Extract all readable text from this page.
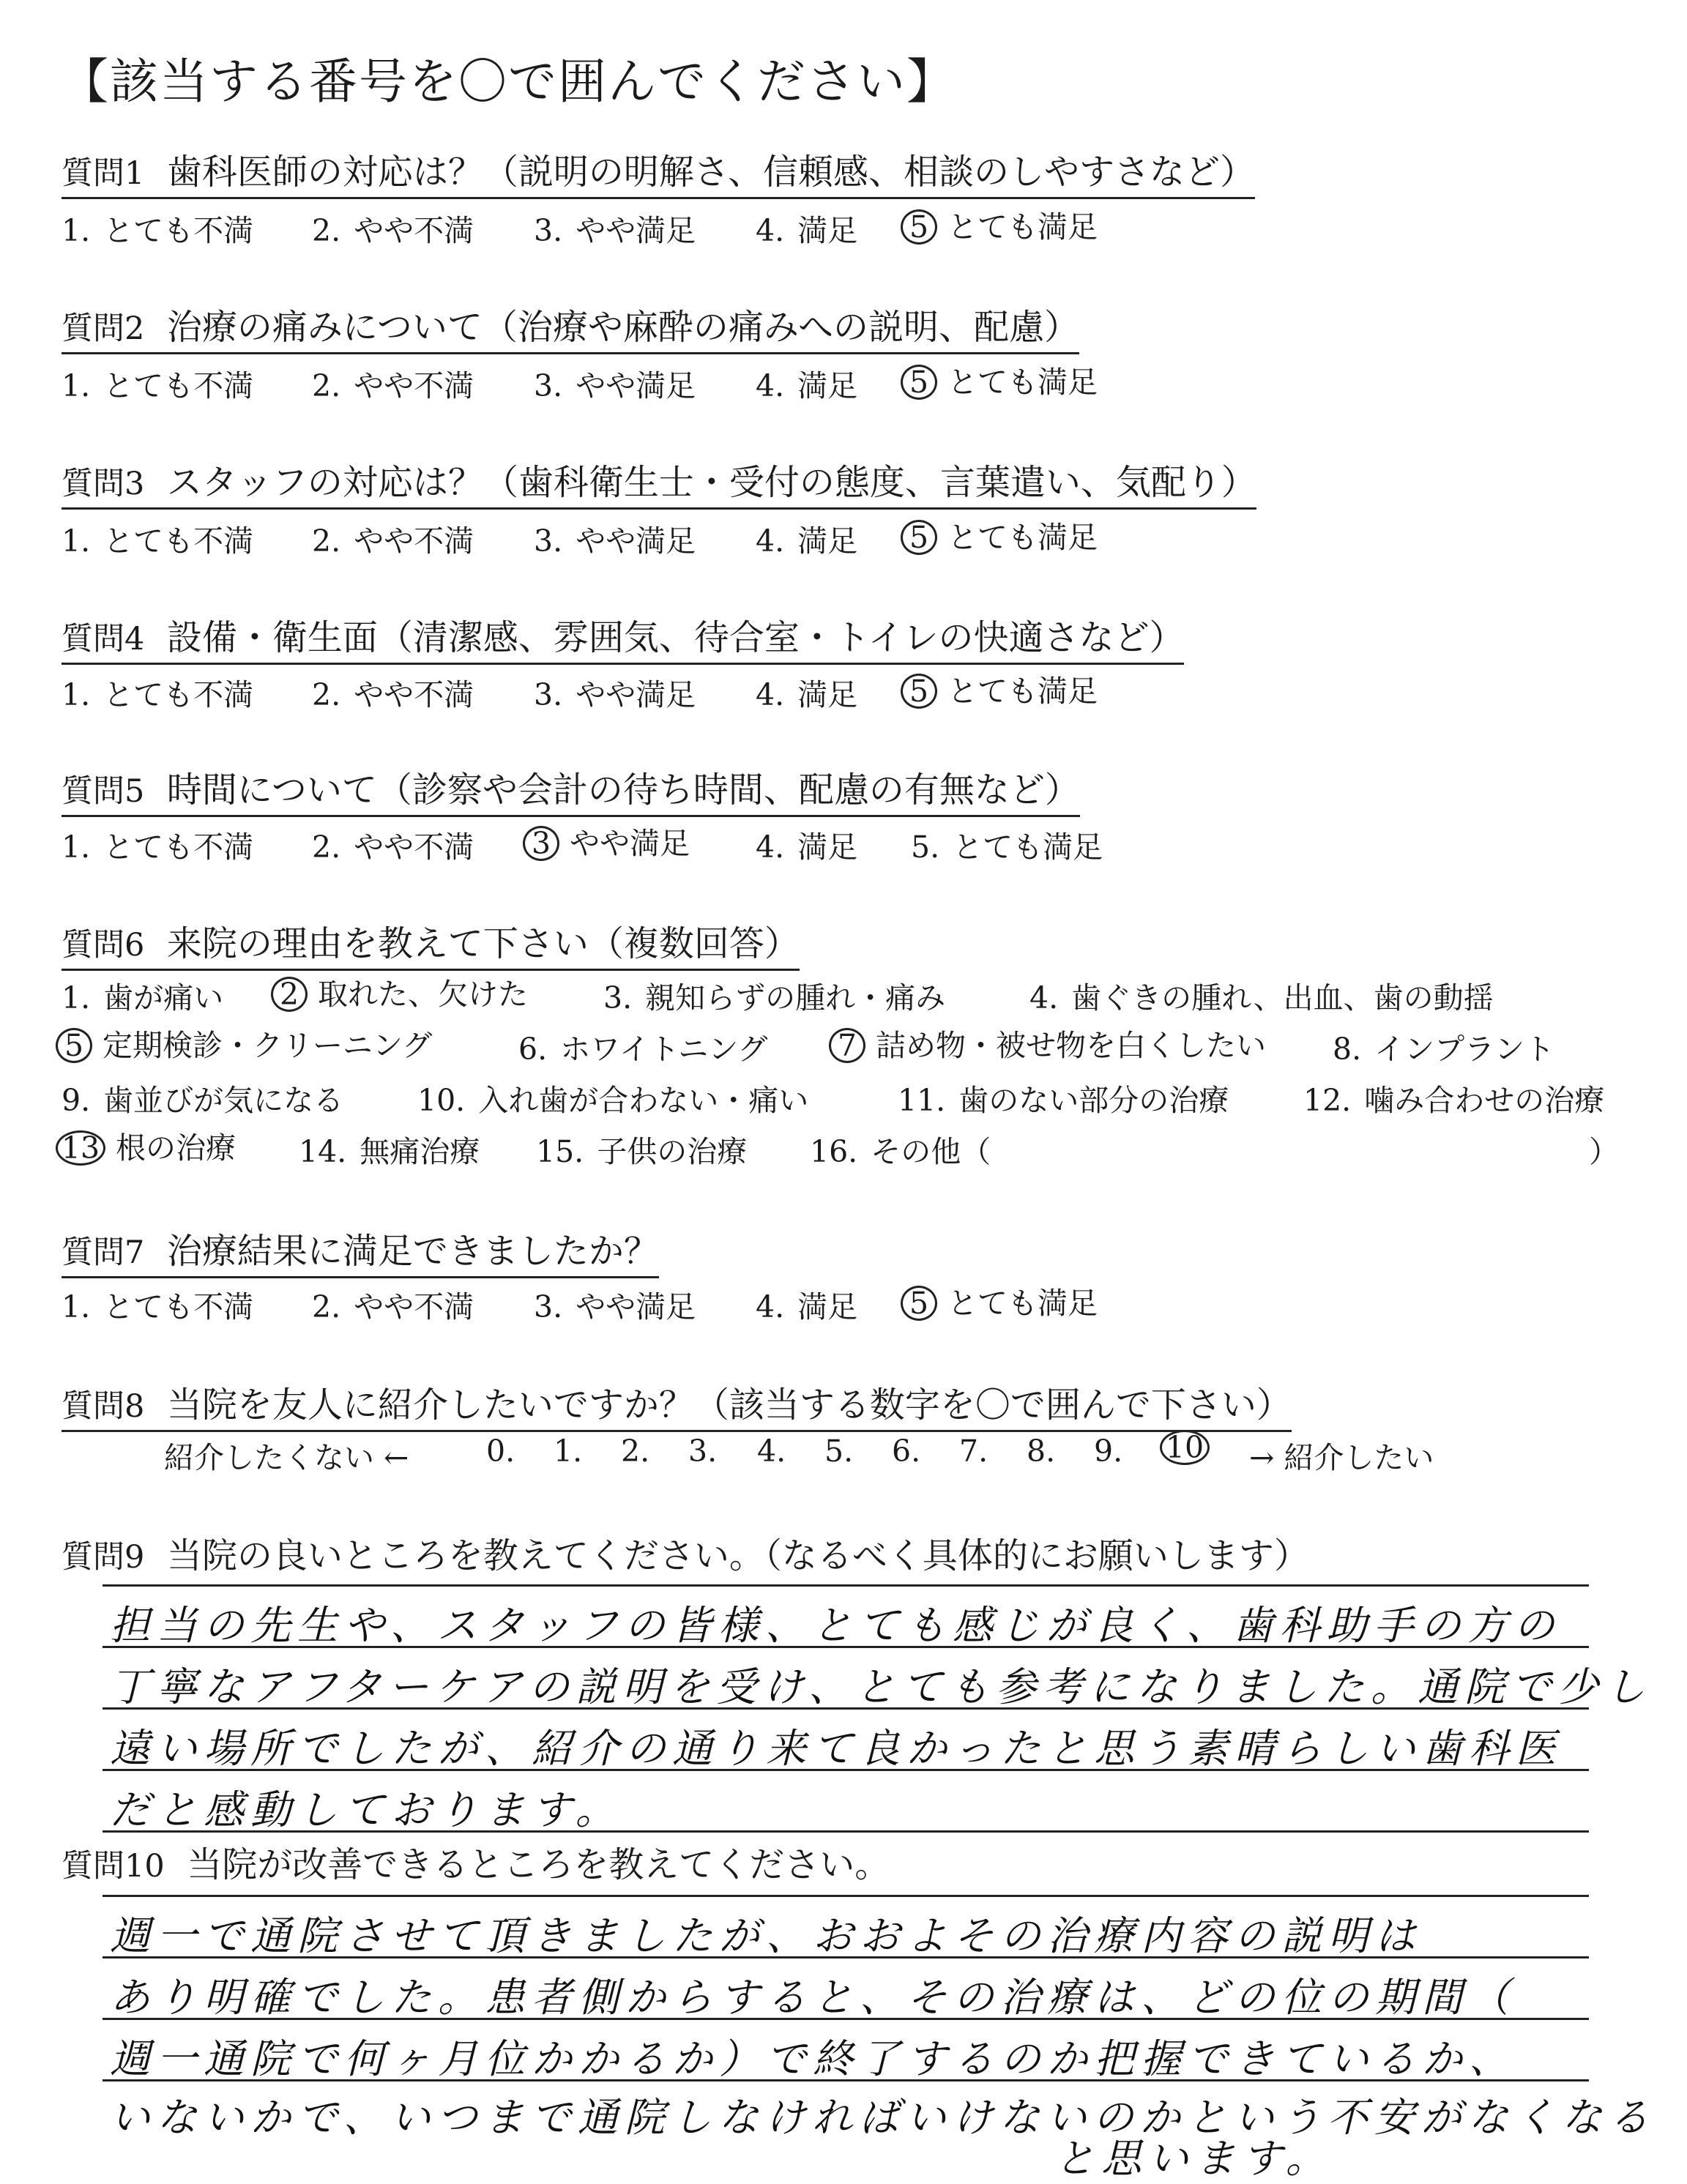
【該当する番号を〇で囲んでください】
質問1 歯科医師の対応は？（説明の明解さ、信頼感、相談のしやすさなど）
1. とても不満 2. やや不満 3. やや満足 4. 満足 5 とても満足
質問2 治療の痛みについて（治療や麻酔の痛みへの説明、配慮）
1. とても不満 2. やや不満 3. やや満足 4. 満足 5 とても満足
質問3 スタッフの対応は？（歯科衛生士・受付の態度、言葉遣い、気配り）
1. とても不満 2. やや不満 3. やや満足 4. 満足 5 とても満足
質問4 設備・衛生面（清潔感、雰囲気、待合室・トイレの快適さなど）
1. とても不満 2. やや不満 3. やや満足 4. 満足 5 とても満足
質問5 時間について（診察や会計の待ち時間、配慮の有無など）
1. とても不満 2. やや不満 3 やや満足 4. 満足 5. とても満足
質問6 来院の理由を教えて下さい（複数回答）
1. 歯が痛い 2 取れた、欠けた	3. 親知らずの腫れ・痛み	4. 歯ぐきの腫れ、出血、歯の動揺
5 定期検診・クリーニング	6. ホワイトニング 7 詰め物・被せ物を白くしたい 8. インプラント
9. 歯並びが気になる 10. 入れ歯が合わない・痛い	11. 歯のない部分の治療 12. 噛み合わせの治療
13 根の治療 14. 無痛治療 15. 子供の治療 16. その他（	）
質問7 治療結果に満足できましたか？
1. とても不満 2. やや不満 3. やや満足 4. 満足 5 とても満足
質問8 当院を友人に紹介したいですか？（該当する数字を〇で囲んで下さい）
紹介したくない ←	0. 1. 2. 3. 4. 5. 6. 7. 8. 9. 10	→ 紹介したい
質問9 当院の良いところを教えてください。（なるべく具体的にお願いします）
担当の先生や、スタッフの皆様、とても感じが良く、歯科助手の方の
丁寧なアフターケアの説明を受け、とても参考になりました。通院で少し
遠い場所でしたが、紹介の通り来て良かったと思う素晴らしい歯科医
だと感動しております。
質問10 当院が改善できるところを教えてください。
週一で通院させて頂きましたが、おおよその治療内容の説明は
あり明確でした。患者側からすると、その治療は、どの位の期間（
週一通院で何ヶ月位かかるか）で終了するのか把握できているか、
いないかで、いつまで通院しなければいけないのかという不安がなくなる
と思います。
